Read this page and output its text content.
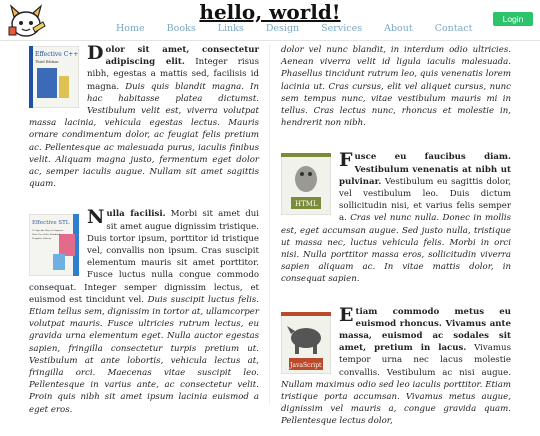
hello, world!
Home Books Links Design Services About Contact
Login
Effective C++
Third Edition D olor sit amet, consectetur adipiscing elit. Integer risus nibh, egestas a mattis sed, facilisis id magna. Duis quis blandit magna. In hac habitasse platea dictumst. Vestibulum velit est, viverra volutpat massa lacinia, vehicula egestas lectus. Mauris ornare condimentum dolor, ac feugiat felis pretium ac. Pellentesque ac malesuada purus, iaculis finibus velit. Aliquam magna justo, fermentum eget dolor ac, semper iaculis augue. Nullam sit amet sagittis quam.
Effective STL
50 Specific Ways to Improve
Your Use of the Standard
Template Library
N ulla facilisi. Morbi sit amet dui sit amet augue dignissim tristique. Duis tortor ipsum, porttitor id tristique vel, convallis non ipsum. Cras suscipit elementum mauris sit amet porttitor. Fusce luctus nulla congue commodo consequat. Integer semper dignissim lectus, et euismod est tincidunt vel. Duis suscipit luctus felis. Etiam tellus sem, dignissim in tortor at, ullamcorper volutpat mauris. Fusce ultricies rutrum lectus, eu gravida urna elementum eget. Nulla auctor egestas sapien, fringilla consectetur turpis pretium ut. Vestibulum at ante lobortis, vehicula lectus at, fringilla orci. Maecenas vitae suscipit leo. Pellentesque in varius ante, ac consectetur velit. Proin quis nibh sit amet ipsum lacinia euismod a eget eros.
dolor vel nunc blandit, in interdum odio ultricies. Aenean viverra velit id ligula iaculis malesuada. Phasellus tincidunt rutrum leo, quis venenatis lorem lacinia ut. Cras cursus, elit vel aliquet cursus, nunc sem tempus nunc, vitae vestibulum mauris mi in tellus. Cras lectus nunc, rhoncus et molestie in, hendrerit non nibh.
HTML
F usce eu faucibus diam. Vestibulum venenatis at nibh ut pulvinar. Vestibulum eu sagittis dolor, vel vestibulum leo. Duis dictum sollicitudin nisi, et varius felis semper a. Cras vel nunc nulla. Donec in mollis est, eget accumsan augue. Sed justo nulla, tristique ut massa nec, luctus vehicula felis. Morbi in orci nisi. Nulla porttitor massa eros, sollicitudin viverra sapien aliquam ac. In vitae mattis dolor, in consequat sapien.
JavaScript
E tiam commodo metus eu euismod rhoncus. Vivamus ante massa, euismod ac sodales sit amet, pretium in lacus. Vivamus tempor urna nec lacus molestie convallis. Vestibulum ac nisi augue. Nullam maximus odio sed leo iaculis porttitor. Etiam tristique porta accumsan. Vivamus metus augue, dignissim vel mauris a, congue gravida quam. Pellentesque lectus dolor,
